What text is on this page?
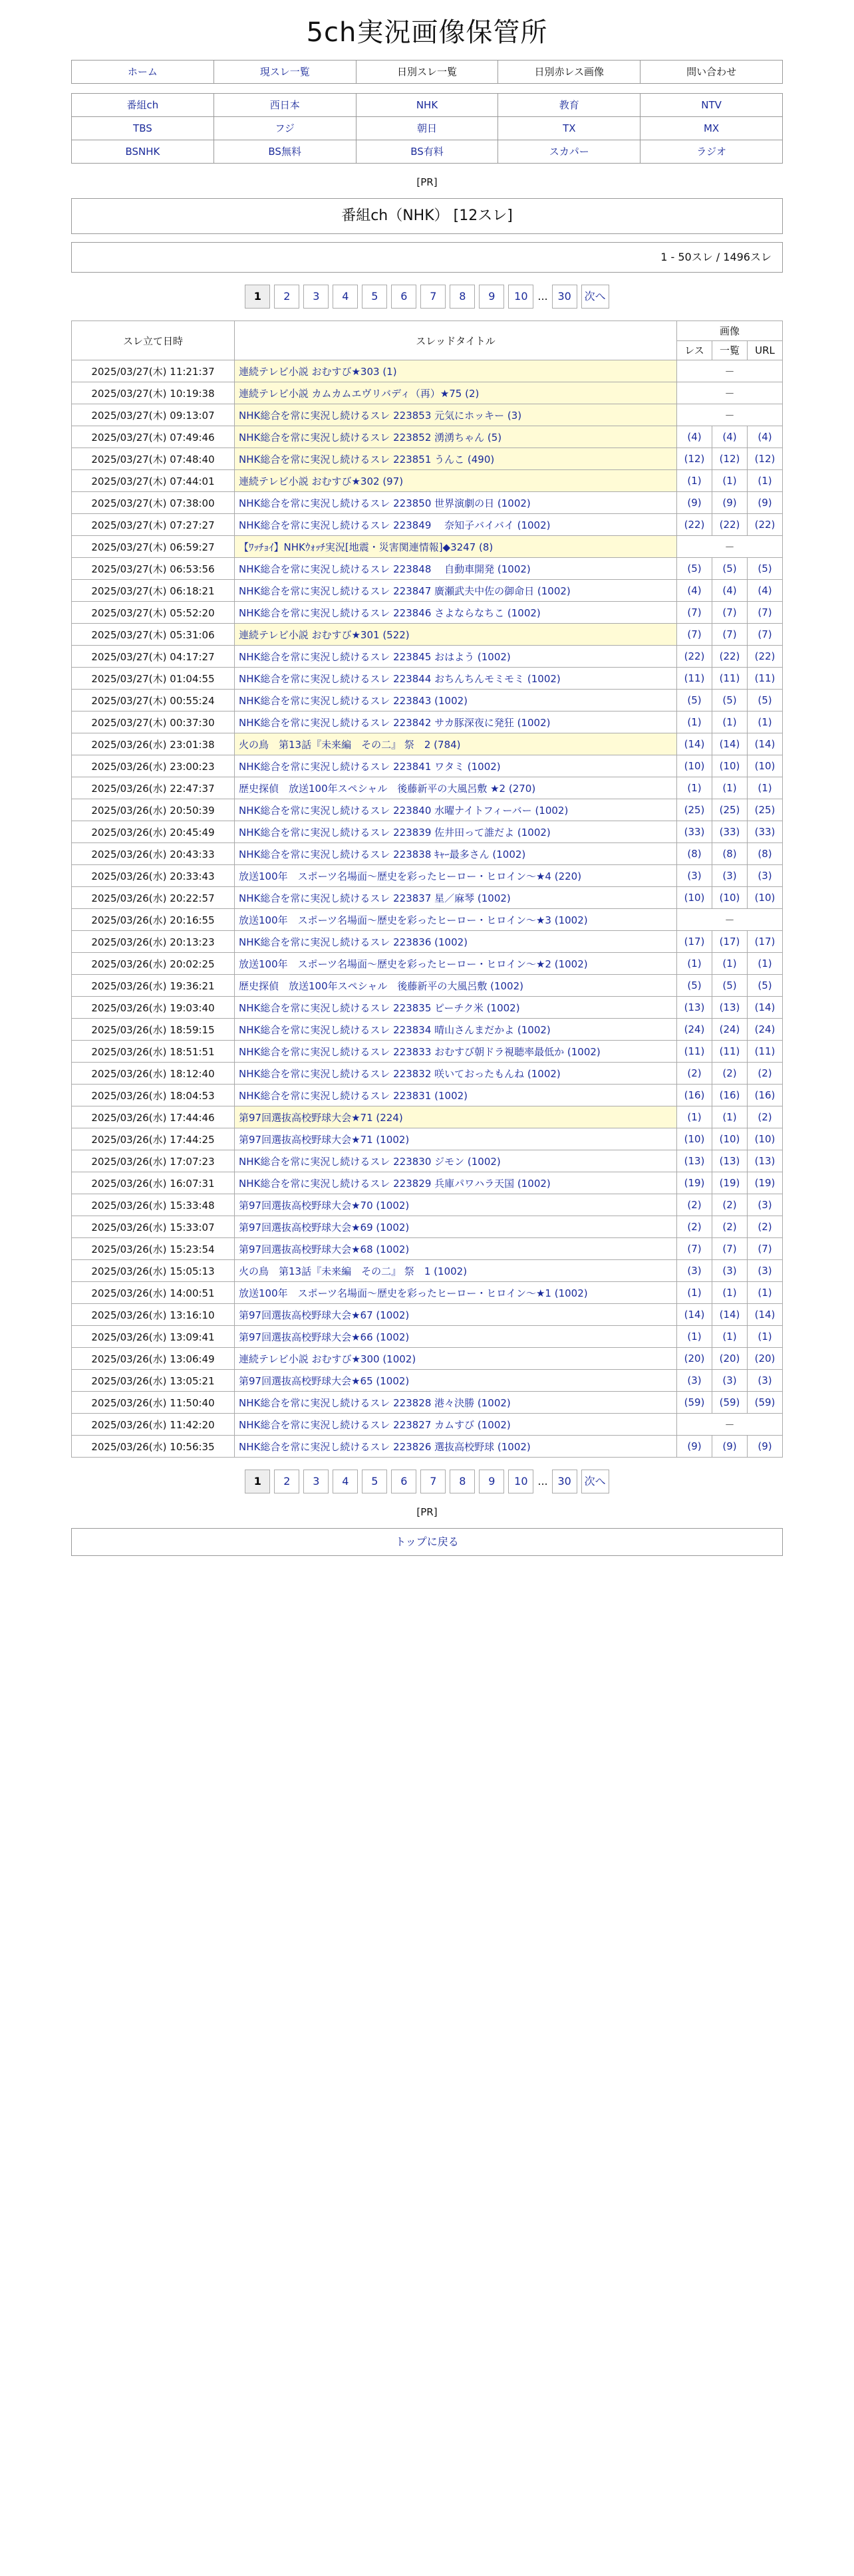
5ch実況画像保管所
ホーム	現スレ一覧	日別スレ一覧	日別赤レス画像	問い合わせ
番組ch	西日本	NHK	教育	NTV
TBS	フジ	朝日	TX	MX
BSNHK	BS無料	BS有料	スカパー	ラジオ
[PR]
番組ch（NHK） [12スレ]
1 - 50スレ / 1496スレ
1	2	3	4	5	6	7	8	9	10 ... 30	次へ
スレ立て日時	スレッドタイトル	画像		
		レス	一覧	URL
2025/03/27(木) 11:21:37	連続テレビ小説 おむすび★303 (1)	－		
2025/03/27(木) 10:19:38	連続テレビ小説 カムカムエヴリバディ（再）★75 (2)	－		
2025/03/27(木) 09:13:07	NHK総合を常に実況し続けるスレ 223853 元気にホッキー (3)	－		
2025/03/27(木) 07:49:46	NHK総合を常に実況し続けるスレ 223852 湧湧ちゃん (5)	(4)	(4)	(4)
2025/03/27(木) 07:48:40	NHK総合を常に実況し続けるスレ 223851 うんこ (490)	(12)	(12)	(12)
2025/03/27(木) 07:44:01	連続テレビ小説 おむすび★302 (97)	(1)	(1)	(1)
2025/03/27(木) 07:38:00	NHK総合を常に実況し続けるスレ 223850 世界演劇の日 (1002)	(9)	(9)	(9)
2025/03/27(木) 07:27:27	NHK総合を常に実況し続けるスレ 223849　 奈知子バイバイ (1002)	(22)	(22)	(22)
2025/03/27(木) 06:59:27	【ﾜｯﾁｮｲ】NHKｳｫｯﾁ実況[地震・災害関連情報]◆3247 (8)	－		
2025/03/27(木) 06:53:56	NHK総合を常に実況し続けるスレ 223848　 自動車開発 (1002)	(5)	(5)	(5)
2025/03/27(木) 06:18:21	NHK総合を常に実況し続けるスレ 223847 廣瀬武夫中佐の御命日 (1002)	(4)	(4)	(4)
2025/03/27(木) 05:52:20	NHK総合を常に実況し続けるスレ 223846 さよならなちこ (1002)	(7)	(7)	(7)
2025/03/27(木) 05:31:06	連続テレビ小説 おむすび★301 (522)	(7)	(7)	(7)
2025/03/27(木) 04:17:27	NHK総合を常に実況し続けるスレ 223845 おはよう (1002)	(22)	(22)	(22)
2025/03/27(木) 01:04:55	NHK総合を常に実況し続けるスレ 223844 おちんちんモミモミ (1002)	(11)	(11)	(11)
2025/03/27(木) 00:55:24	NHK総合を常に実況し続けるスレ 223843 (1002)	(5)	(5)	(5)
2025/03/27(木) 00:37:30	NHK総合を常に実況し続けるスレ 223842 サカ豚深夜に発狂 (1002)	(1)	(1)	(1)
2025/03/26(水) 23:01:38	火の鳥　第13話『未来編　その二』 祭　2 (784)	(14)	(14)	(14)
2025/03/26(水) 23:00:23	NHK総合を常に実況し続けるスレ 223841 ワタミ (1002)	(10)	(10)	(10)
2025/03/26(水) 22:47:37	歴史探偵　放送100年スペシャル　後藤新平の大風呂敷 ★2 (270)	(1)	(1)	(1)
2025/03/26(水) 20:50:39	NHK総合を常に実況し続けるスレ 223840 水曜ナイトフィーバー (1002)	(25)	(25)	(25)
2025/03/26(水) 20:45:49	NHK総合を常に実況し続けるスレ 223839 佐井田って誰だよ (1002)	(33)	(33)	(33)
2025/03/26(水) 20:43:33	NHK総合を常に実況し続けるスレ 223838 ｷｬｰ最多さん (1002)	(8)	(8)	(8)
2025/03/26(水) 20:33:43	放送100年　スポーツ名場面〜歴史を彩ったヒーロー・ヒロイン〜★4 (220)	(3)	(3)	(3)
2025/03/26(水) 20:22:57	NHK総合を常に実況し続けるスレ 223837 星／麻琴 (1002)	(10)	(10)	(10)
2025/03/26(水) 20:16:55	放送100年　スポーツ名場面〜歴史を彩ったヒーロー・ヒロイン〜★3 (1002)	－		
2025/03/26(水) 20:13:23	NHK総合を常に実況し続けるスレ 223836 (1002)	(17)	(17)	(17)
2025/03/26(水) 20:02:25	放送100年　スポーツ名場面〜歴史を彩ったヒーロー・ヒロイン〜★2 (1002)	(1)	(1)	(1)
2025/03/26(水) 19:36:21	歴史探偵　放送100年スペシャル　後藤新平の大風呂敷 (1002)	(5)	(5)	(5)
2025/03/26(水) 19:03:40	NHK総合を常に実況し続けるスレ 223835 ピーチク米 (1002)	(13)	(13)	(14)
2025/03/26(水) 18:59:15	NHK総合を常に実況し続けるスレ 223834 晴山さんまだかよ (1002)	(24)	(24)	(24)
2025/03/26(水) 18:51:51	NHK総合を常に実況し続けるスレ 223833 おむすび朝ドラ視聴率最低か (1002)	(11)	(11)	(11)
2025/03/26(水) 18:12:40	NHK総合を常に実況し続けるスレ 223832 咲いておったもんね (1002)	(2)	(2)	(2)
2025/03/26(水) 18:04:53	NHK総合を常に実況し続けるスレ 223831 (1002)	(16)	(16)	(16)
2025/03/26(水) 17:44:46	第97回選抜高校野球大会★71 (224)	(1)	(1)	(2)
2025/03/26(水) 17:44:25	第97回選抜高校野球大会★71 (1002)	(10)	(10)	(10)
2025/03/26(水) 17:07:23	NHK総合を常に実況し続けるスレ 223830 ジモン (1002)	(13)	(13)	(13)
2025/03/26(水) 16:07:31	NHK総合を常に実況し続けるスレ 223829 兵庫パワハラ天国 (1002)	(19)	(19)	(19)
2025/03/26(水) 15:33:48	第97回選抜高校野球大会★70 (1002)	(2)	(2)	(3)
2025/03/26(水) 15:33:07	第97回選抜高校野球大会★69 (1002)	(2)	(2)	(2)
2025/03/26(水) 15:23:54	第97回選抜高校野球大会★68 (1002)	(7)	(7)	(7)
2025/03/26(水) 15:05:13	火の鳥　第13話『未来編　その二』 祭　1 (1002)	(3)	(3)	(3)
2025/03/26(水) 14:00:51	放送100年　スポーツ名場面〜歴史を彩ったヒーロー・ヒロイン〜★1 (1002)	(1)	(1)	(1)
2025/03/26(水) 13:16:10	第97回選抜高校野球大会★67 (1002)	(14)	(14)	(14)
2025/03/26(水) 13:09:41	第97回選抜高校野球大会★66 (1002)	(1)	(1)	(1)
2025/03/26(水) 13:06:49	連続テレビ小説 おむすび★300 (1002)	(20)	(20)	(20)
2025/03/26(水) 13:05:21	第97回選抜高校野球大会★65 (1002)	(3)	(3)	(3)
2025/03/26(水) 11:50:40	NHK総合を常に実況し続けるスレ 223828 港々決勝 (1002)	(59)	(59)	(59)
2025/03/26(水) 11:42:20	NHK総合を常に実況し続けるスレ 223827 カムすび (1002)	－		
2025/03/26(水) 10:56:35	NHK総合を常に実況し続けるスレ 223826 選抜高校野球 (1002)	(9)	(9)	(9)
1	2	3	4	5	6	7	8	9	10 ... 30	次へ
[PR]
トップに戻る
